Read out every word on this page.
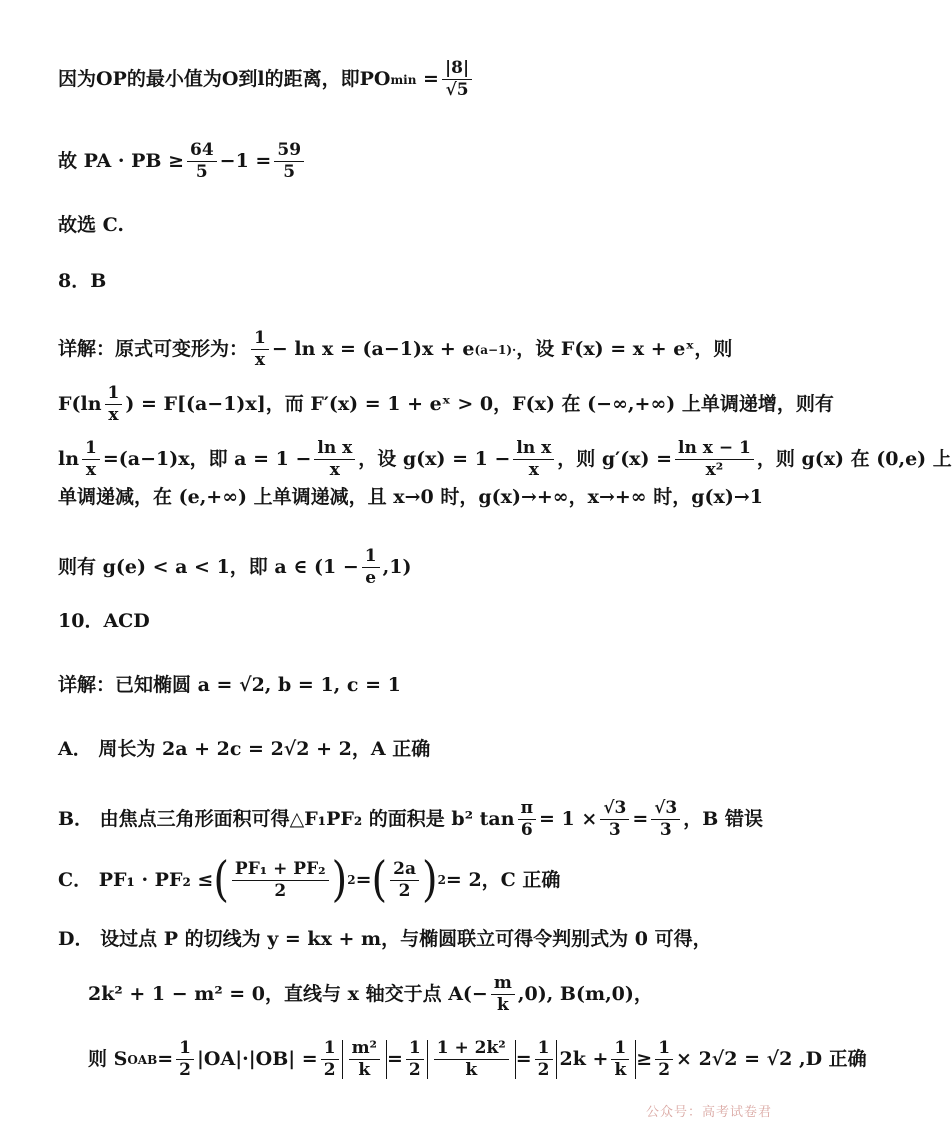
因为OP的最小值为O到l的距离，即PO $\min = \frac{|8|}{√5}$
故 PA · PB ≥ $\frac{64}{5} -1 = \frac{59}{5}$
故选 C.
8．B
详解：原式可变形为： $\frac{1}{x} - \ln x = (a-1)x + e$ (a−1)· ，设 F(x) = x + eˣ，则
$F(\ln \frac{1}{x}$ ) = F[(a−1)x]，而 F′(x) = 1 + eˣ > 0，F(x) 在 (−∞,+∞) 上单调递增，则有
$\ln \frac{1}{x} =(a-1)x$，即 $a = 1 - \frac{\text{ln x}}{x}$ ，设 $g(x) = 1 - \frac{\text{ln x}}{x}$ ，则 $g'(x) = \frac{\text{ln x − 1}}{\text{x²}}$ ，则 g(x) 在 (0,e) 上
单调递减，在 (e,+∞) 上单调递减，且 x→0 时，g(x)→+∞，x→+∞ 时，g(x)→1
则有 g(e) < a < 1，即 a ∈ $(1 - \frac{1}{e} ,1)$
10．ACD
详解：已知椭圆 a = √2, b = 1, c = 1
A． 周长为 2a + 2c = 2√2 + 2，A 正确
B． 由焦点三角形面积可得△F₁PF₂ 的面积是 b² $\tan \frac{\pi}{6} = 1 \times \frac{√3}{3} = \frac{√3}{3}$ ，B 错误
C． PF₁ · PF₂ ≤ ( $\frac{\text{PF₁ + PF₂}}{2}$ ) 2 = ( $\frac{2a}{2}$ ) 2 = 2，C 正确
D． 设过点 P 的切线为 y = kx + m，与椭圆联立可得令判别式为 0 可得，
2k² + 1 − m² = 0，直线与 x 轴交于点 $A(- \frac{m}{k} ,0)$, B(m,0)，
则 S OAB = $\frac{1}{2} |OA|\cdot|OB| = \frac{1}{2} \frac{\text{m²}}{k} = \frac{1}{2} \frac{\text{1 + 2k²}}{k} = \frac{1}{2} 2k + \frac{1}{k} \ge \frac{1}{2} \times 2√2 = √2$ ,D 正确
公众号：高考试卷君
